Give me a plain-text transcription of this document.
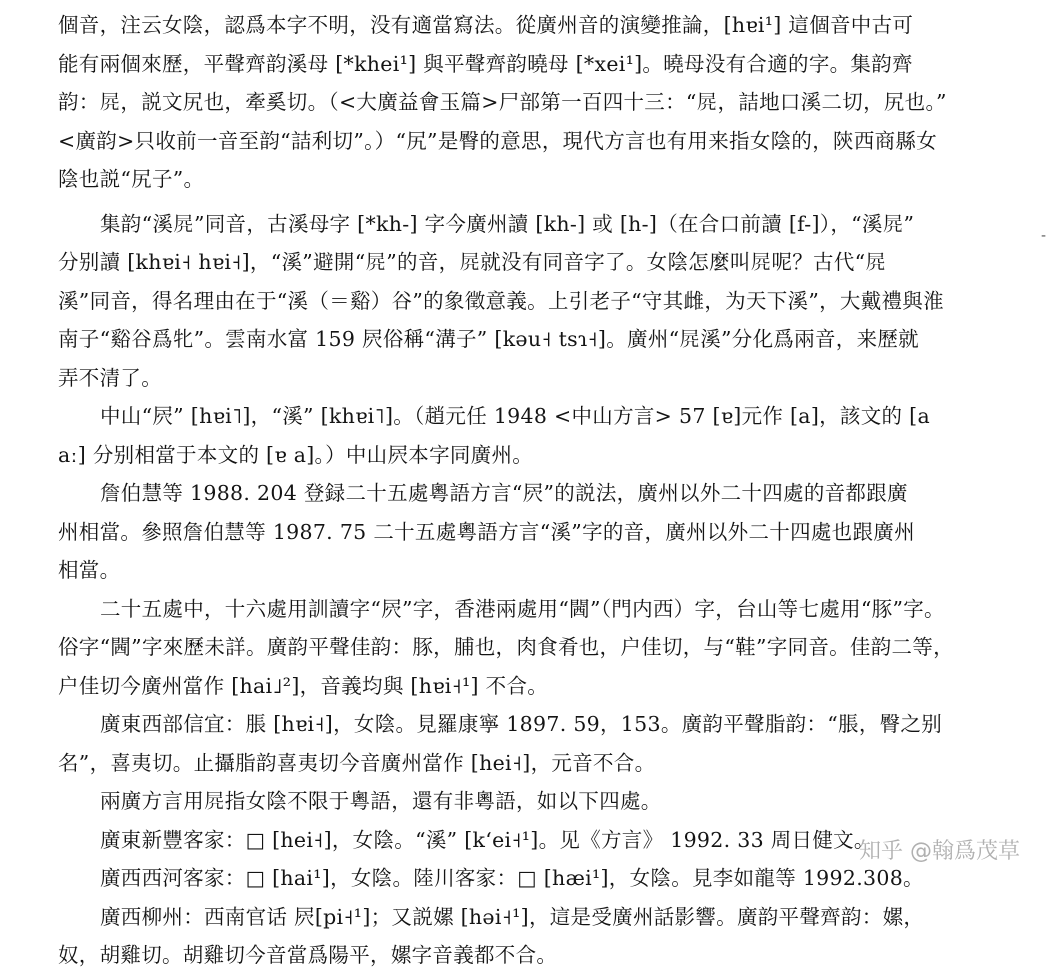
個音，注云女陰，認爲本字不明，没有適當寫法。從廣州音的演變推論，[hɐi¹] 這個音中古可
能有兩個來歷，平聲齊韵溪母 [*khei¹] 與平聲齊韵曉母 [*xei¹]。曉母没有合適的字。集韵齊
韵：𡱂，説文尻也，牽奚切。（<大廣益會玉篇>尸部第一百四十三：“𡱂，詰地口溪二切，尻也。”
<廣韵>只收前一音至韵“詰利切”。）“尻”是臀的意思，現代方言也有用来指女陰的，陝西商縣女
陰也説“尻子”。
集韵“溪𡱂”同音，古溪母字 [*kh-] 字今廣州讀 [kh-] 或 [h-]（在合口前讀 [f-]），“溪𡱂”
分别讀 [khɐi˧ hɐi˧]，“溪”避開“𡱂”的音，𡱂就没有同音字了。女陰怎麼叫𡱂呢？古代“𡱂
溪”同音，得名理由在于“溪（＝谿）谷”的象徵意義。上引老子“守其雌，为天下溪”，大戴禮與淮
南子“谿谷爲牝”。雲南水富 159 屄俗稱“溝子” [kəu˧ tsɿ˧]。廣州“𡱂溪”分化爲兩音，来歷就
弄不清了。
中山“屄” [hɐi˥]，“溪” [khɐi˥]。（趙元任 1948 <中山方言> 57 [ɐ]元作 [a]，該文的 [a
aː] 分别相當于本文的 [ɐ a]。）中山屄本字同廣州。
詹伯慧等 1988. 204 登録二十五處粵語方言“屄”的説法，廣州以外二十四處的音都跟廣
州相當。參照詹伯慧等 1987. 75 二十五處粵語方言“溪”字的音，廣州以外二十四處也跟廣州
相當。
二十五處中，十六處用訓讀字“屄”字，香港兩處用“閪”（門内西）字，台山等七處用“豚”字。
俗字“閪”字來歷未詳。廣韵平聲佳韵：豚，脯也，肉食肴也，户佳切，与“鞋”字同音。佳韵二等，
户佳切今廣州當作 [hai˩²]，音義均與 [hɐi˧¹] 不合。
廣東西部信宜：脹 [hɐi˧]，女陰。見羅康寧 1897. 59，153。廣韵平聲脂韵：“脹，臀之别
名”，喜夷切。止攝脂韵喜夷切今音廣州當作 [hei˧]，元音不合。
兩廣方言用𡱂指女陰不限于粵語，還有非粵語，如以下四處。
廣東新豐客家：□ [hei˧]，女陰。“溪” [kʻei˧¹]。见《方言》 1992. 33 周日健文。
廣西西河客家：□ [hai¹]，女陰。陸川客家：□ [hæi¹]，女陰。見李如龍等 1992.308。
廣西柳州：西南官话 屄[pi˧¹]；又説嫘 [həi˧¹]，這是受廣州話影響。廣韵平聲齊韵：嫘，
奴，胡雞切。胡雞切今音當爲陽平，嫘字音義都不合。
-
知乎 @翰爲茂草
